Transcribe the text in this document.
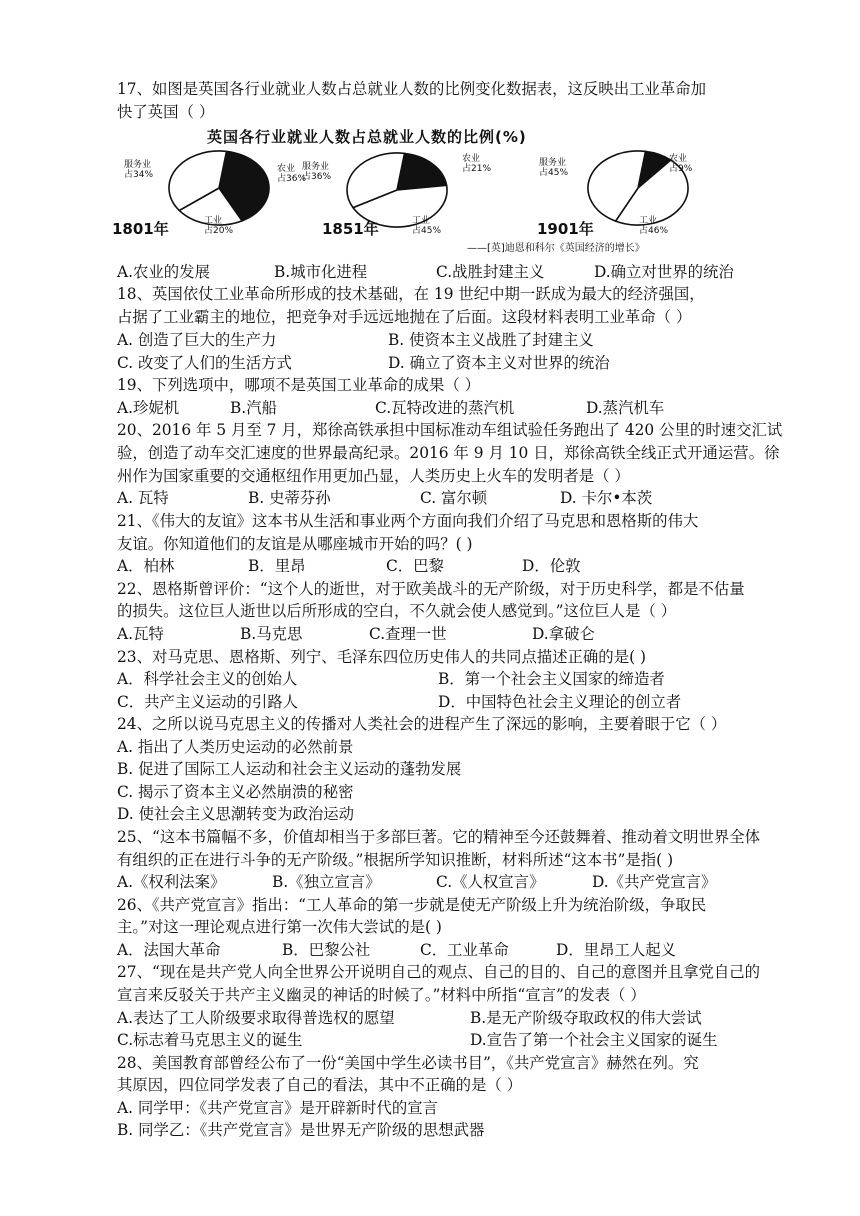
17、如图是英国各行业就业人数占总就业人数的比例变化数据表，这反映出工业革命加
快了英国（ ）
英国各行业就业人数占总就业人数的比例(%)
服务业
占34%
农业
占36%
工业
占20%
1801年
服务业
占36%
农业
占21%
工业
占45%
1851年
服务业
占45%
农业
占9%
工业
占46%
1901年
——[英]迪恩和科尔《英国经济的增长》
A.农业的发展	B.城市化进程	C.战胜封建主义	D.确立对世界的统治
18、英国依仗工业革命所形成的技术基础，在 19 世纪中期一跃成为最大的经济强国，
占据了工业霸主的地位，把竞争对手远远地抛在了后面。这段材料表明工业革命（ ）
A. 创造了巨大的生产力	B. 使资本主义战胜了封建主义
C. 改变了人们的生活方式	D. 确立了资本主义对世界的统治
19、下列选项中，哪项不是英国工业革命的成果（ ）
A.珍妮机	B.汽船	C.瓦特改进的蒸汽机	D.蒸汽机车
20、2016 年 5 月至 7 月，郑徐高铁承担中国标准动车组试验任务跑出了 420 公里的时速交汇试
验，创造了动车交汇速度的世界最高纪录。2016 年 9 月 10 日，郑徐高铁全线正式开通运营。徐
州作为国家重要的交通枢纽作用更加凸显，人类历史上火车的发明者是（ ）
A. 瓦特	B. 史蒂芬孙	C. 富尔顿	D. 卡尔•本茨
21、《伟大的友谊》这本书从生活和事业两个方面向我们介绍了马克思和恩格斯的伟大
友谊。你知道他们的友谊是从哪座城市开始的吗？( )
A．柏林	B．里昂	C．巴黎	D．伦敦
22、恩格斯曾评价：“这个人的逝世，对于欧美战斗的无产阶级，对于历史科学，都是不估量
的损失。这位巨人逝世以后所形成的空白，不久就会使人感觉到。”这位巨人是（ ）
A.瓦特	B.马克思	C.查理一世	D.拿破仑
23、对马克思、恩格斯、列宁、毛泽东四位历史伟人的共同点描述正确的是( )
A．科学社会主义的创始人	B．第一个社会主义国家的缔造者
C．共产主义运动的引路人	D．中国特色社会主义理论的创立者
24、之所以说马克思主义的传播对人类社会的进程产生了深远的影响，主要着眼于它（ ）
A. 指出了人类历史运动的必然前景
B. 促进了国际工人运动和社会主义运动的蓬勃发展
C. 揭示了资本主义必然崩溃的秘密
D. 使社会主义思潮转变为政治运动
25、“这本书篇幅不多，价值却相当于多部巨著。它的精神至今还鼓舞着、推动着文明世界全体
有组织的正在进行斗争的无产阶级。”根据所学知识推断，材料所述“这本书”是指( )
A.《权利法案》	B.《独立宣言》	C.《人权宣言》	D.《共产党宣言》
26、《共产党宣言》指出：“工人革命的第一步就是使无产阶级上升为统治阶级，争取民
主。”对这一理论观点进行第一次伟大尝试的是( )
A．法国大革命	B．巴黎公社	C．工业革命	D．里昂工人起义
27、“现在是共产党人向全世界公开说明自己的观点、自己的目的、自己的意图并且拿党自己的
宣言来反驳关于共产主义幽灵的神话的时候了。”材料中所指“宣言”的发表（ ）
A.表达了工人阶级要求取得普选权的愿望	B.是无产阶级夺取政权的伟大尝试
C.标志着马克思主义的诞生	D.宣告了第一个社会主义国家的诞生
28、美国教育部曾经公布了一份“美国中学生必读书目”，《共产党宣言》赫然在列。究
其原因，四位同学发表了自己的看法，其中不正确的是（ ）
A. 同学甲：《共产党宣言》是开辟新时代的宣言
B. 同学乙：《共产党宣言》是世界无产阶级的思想武器
